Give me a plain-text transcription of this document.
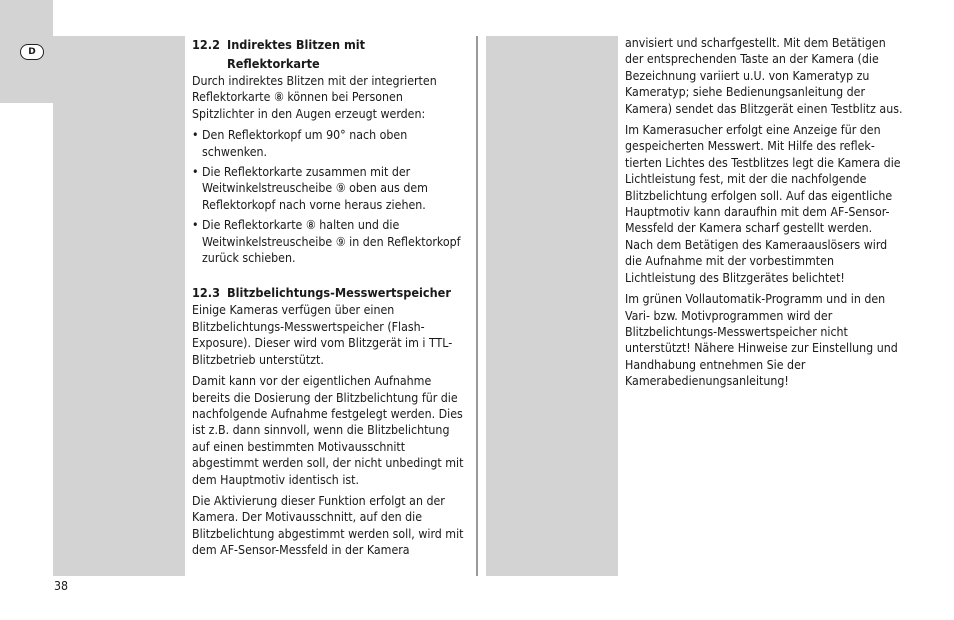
D	12.2 Indirektes Blitzen mit
Reflektorkarte

Durch indirektes Blitzen mit der integrierten Reflektorkarte ⑧ können bei Personen Spitzlichter in den Augen erzeugt werden:

• Den Reflektorkopf um 90° nach oben schwenken.
• Die Reflektorkarte zusammen mit der Weitwinkelstreuscheibe ⑨ oben aus dem Reflektorkopf nach vorne heraus ziehen.
• Die Reflektorkarte ⑧ halten und die Weitwinkelstreuscheibe ⑨ in den Reflektorkopf zurück schieben.
12.3 Blitzbelichtungs-Messwertspeicher

Einige Kameras verfügen über einen Blitzbelichtungs-Messwertspeicher (Flash-Exposure). Dieser wird vom Blitzgerät im i TTL-Blitzbetrieb unterstützt.

Damit kann vor der eigentlichen Aufnahme bereits die Dosierung der Blitzbelichtung für die nachfolgende Aufnahme festgelegt werden. Dies ist z.B. dann sinnvoll, wenn die Blitzbelichtung auf einen bestimmten Motivausschnitt abgestimmt werden soll, der nicht unbedingt mit dem Hauptmotiv identisch ist.

Die Aktivierung dieser Funktion erfolgt an der Kamera. Der Motivausschnitt, auf den die Blitzbelichtung abgestimmt werden soll, wird mit dem AF-Sensor-Messfeld in der Kamera

anvisiert und scharfgestellt. Mit dem Betätigen der entsprechenden Taste an der Kamera (die Bezeichnung variiert u.U. von Kameratyp zu Kameratyp; siehe Bedienungsanleitung der Kamera) sendet das Blitzgerät einen Testblitz aus.

Im Kamerasucher erfolgt eine Anzeige für den gespeicherten Messwert. Mit Hilfe des reflektierten Lichtes des Testblitzes legt die Kamera die Lichtleistung fest, mit der die nachfolgende Blitzbelichtung erfolgen soll. Auf das eigentliche Hauptmotiv kann daraufhin mit dem AF-Sensor-Messfeld der Kamera scharf gestellt werden. Nach dem Betätigen des Kameraauslösers wird die Aufnahme mit der vorbestimmten Lichtleistung des Blitzgerätes belichtet!

Im grünen Vollautomatik-Programm und in den Vari- bzw. Motivprogrammen wird der Blitzbelichtungs-Messwertspeicher nicht unterstützt! Nähere Hinweise zur Einstellung und Handhabung entnehmen Sie der Kamerabedienungsanleitung!

38
